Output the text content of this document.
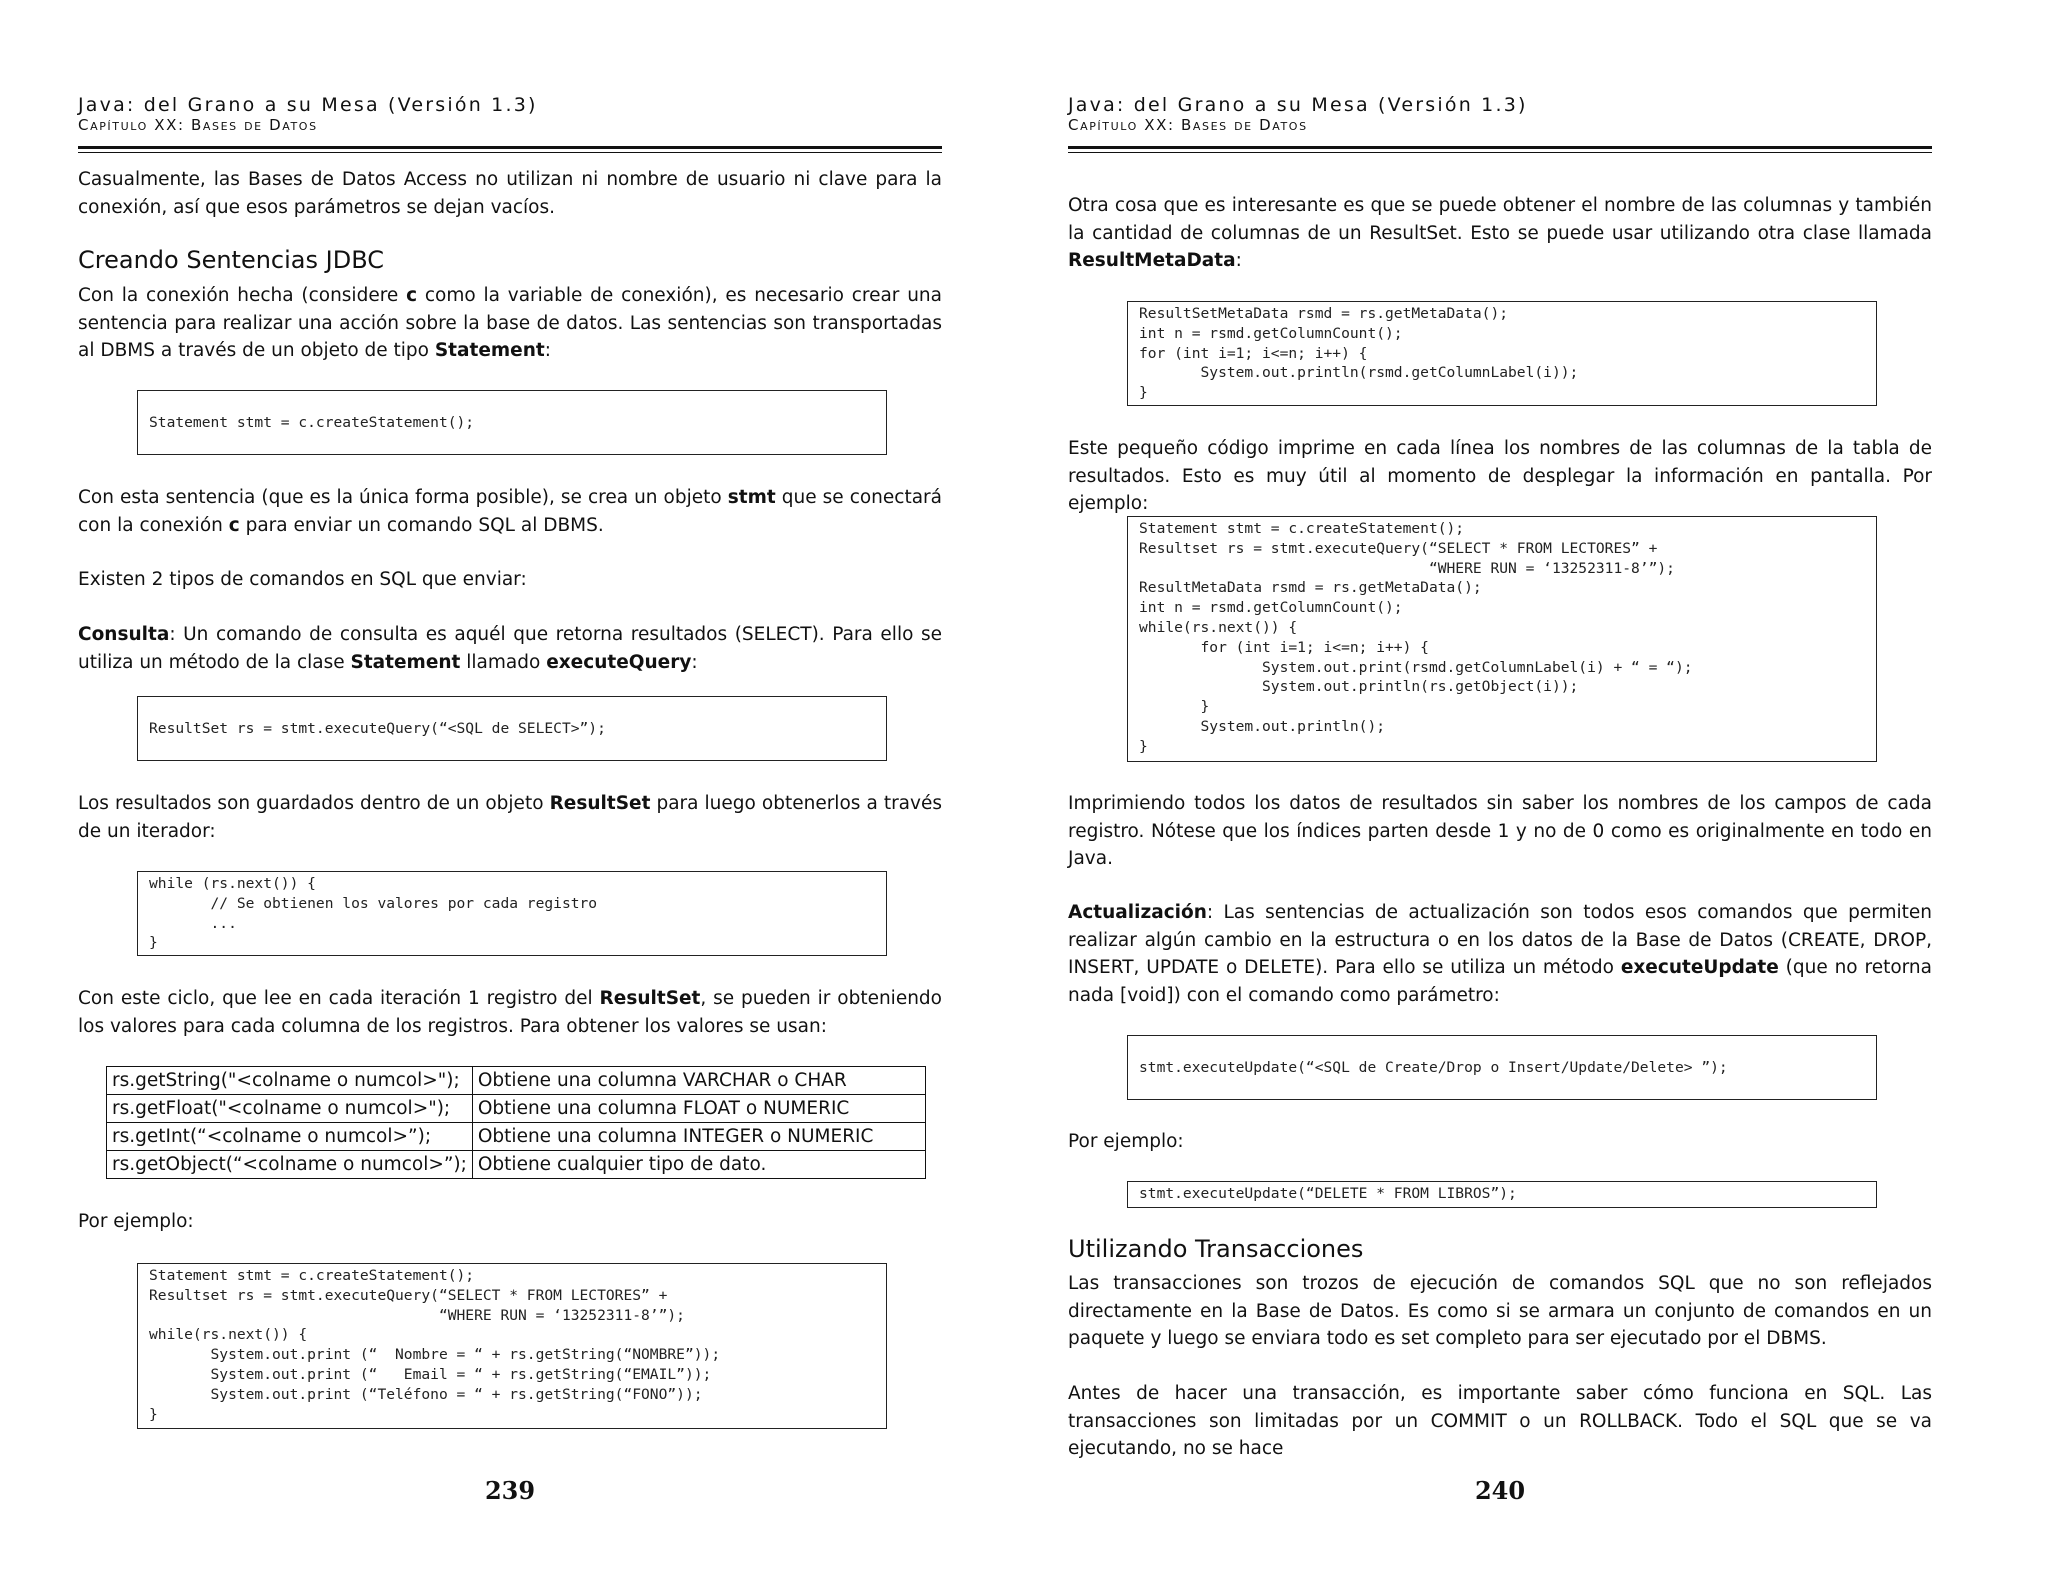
Java: del Grano a su Mesa (Versión 1.3)
Capítulo XX: Bases de Datos

Casualmente, las Bases de Datos Access no utilizan ni nombre de usuario ni clave para la conexión, así que esos parámetros se dejan vacíos.

Creando Sentencias JDBC

Con la conexión hecha (considere c como la variable de conexión), es necesario crear una sentencia para realizar una acción sobre la base de datos. Las sentencias son transportadas al DBMS a través de un objeto de tipo Statement:

Statement stmt = c.createStatement();

Con esta sentencia (que es la única forma posible), se crea un objeto stmt que se conectará con la conexión c para enviar un comando SQL al DBMS.

Existen 2 tipos de comandos en SQL que enviar:

Consulta: Un comando de consulta es aquél que retorna resultados (SELECT). Para ello se utiliza un método de la clase Statement llamado executeQuery:

ResultSet rs = stmt.executeQuery(“<SQL de SELECT>”);

Los resultados son guardados dentro de un objeto ResultSet para luego obtenerlos a través de un iterador:

while (rs.next()) {
// Se obtienen los valores por cada registro
...
}

Con este ciclo, que lee en cada iteración 1 registro del ResultSet, se pueden ir obteniendo los valores para cada columna de los registros. Para obtener los valores se usan:

rs.getString("<colname o numcol>");	Obtiene una columna VARCHAR o CHAR
rs.getFloat("<colname o numcol>");	Obtiene una columna FLOAT o NUMERIC
rs.getInt(“<colname o numcol>”);	Obtiene una columna INTEGER o NUMERIC
rs.getObject(“<colname o numcol>”);	Obtiene cualquier tipo de dato.

Por ejemplo:

Statement stmt = c.createStatement();
Resultset rs = stmt.executeQuery(“SELECT * FROM LECTORES” +
“WHERE RUN = ‘13252311-8’”);
while(rs.next()) {
System.out.print (“  Nombre = “ + rs.getString(“NOMBRE”));
System.out.print (“   Email = “ + rs.getString(“EMAIL”));
System.out.print (“Teléfono = “ + rs.getString(“FONO”));
}
239
Java: del Grano a su Mesa (Versión 1.3)
Capítulo XX: Bases de Datos

Otra cosa que es interesante es que se puede obtener el nombre de las columnas y también la cantidad de columnas de un ResultSet. Esto se puede usar utilizando otra clase llamada ResultMetaData:

ResultSetMetaData rsmd = rs.getMetaData();
int n = rsmd.getColumnCount();
for (int i=1; i<=n; i++) {
System.out.println(rsmd.getColumnLabel(i));
}

Este pequeño código imprime en cada línea los nombres de las columnas de la tabla de resultados. Esto es muy útil al momento de desplegar la información en pantalla. Por ejemplo:

Statement stmt = c.createStatement();
Resultset rs = stmt.executeQuery(“SELECT * FROM LECTORES” +
“WHERE RUN = ‘13252311-8’”);
ResultMetaData rsmd = rs.getMetaData();
int n = rsmd.getColumnCount();
while(rs.next()) {
for (int i=1; i<=n; i++) {
System.out.print(rsmd.getColumnLabel(i) + “ = “);
System.out.println(rs.getObject(i));
}
System.out.println();
}

Imprimiendo todos los datos de resultados sin saber los nombres de los campos de cada registro. Nótese que los índices parten desde 1 y no de 0 como es originalmente en todo en Java.

Actualización: Las sentencias de actualización son todos esos comandos que permiten realizar algún cambio en la estructura o en los datos de la Base de Datos (CREATE, DROP, INSERT, UPDATE o DELETE). Para ello se utiliza un método executeUpdate (que no retorna nada [void]) con el comando como parámetro:

stmt.executeUpdate(“<SQL de Create/Drop o Insert/Update/Delete> ”);

Por ejemplo:

stmt.executeUpdate(“DELETE * FROM LIBROS”);
Utilizando Transacciones

Las transacciones son trozos de ejecución de comandos SQL que no son reflejados directamente en la Base de Datos. Es como si se armara un conjunto de comandos en un paquete y luego se enviara todo es set completo para ser ejecutado por el DBMS.

Antes de hacer una transacción, es importante saber cómo funciona en SQL. Las transacciones son limitadas por un COMMIT o un ROLLBACK. Todo el SQL que se va ejecutando, no se hace

240
